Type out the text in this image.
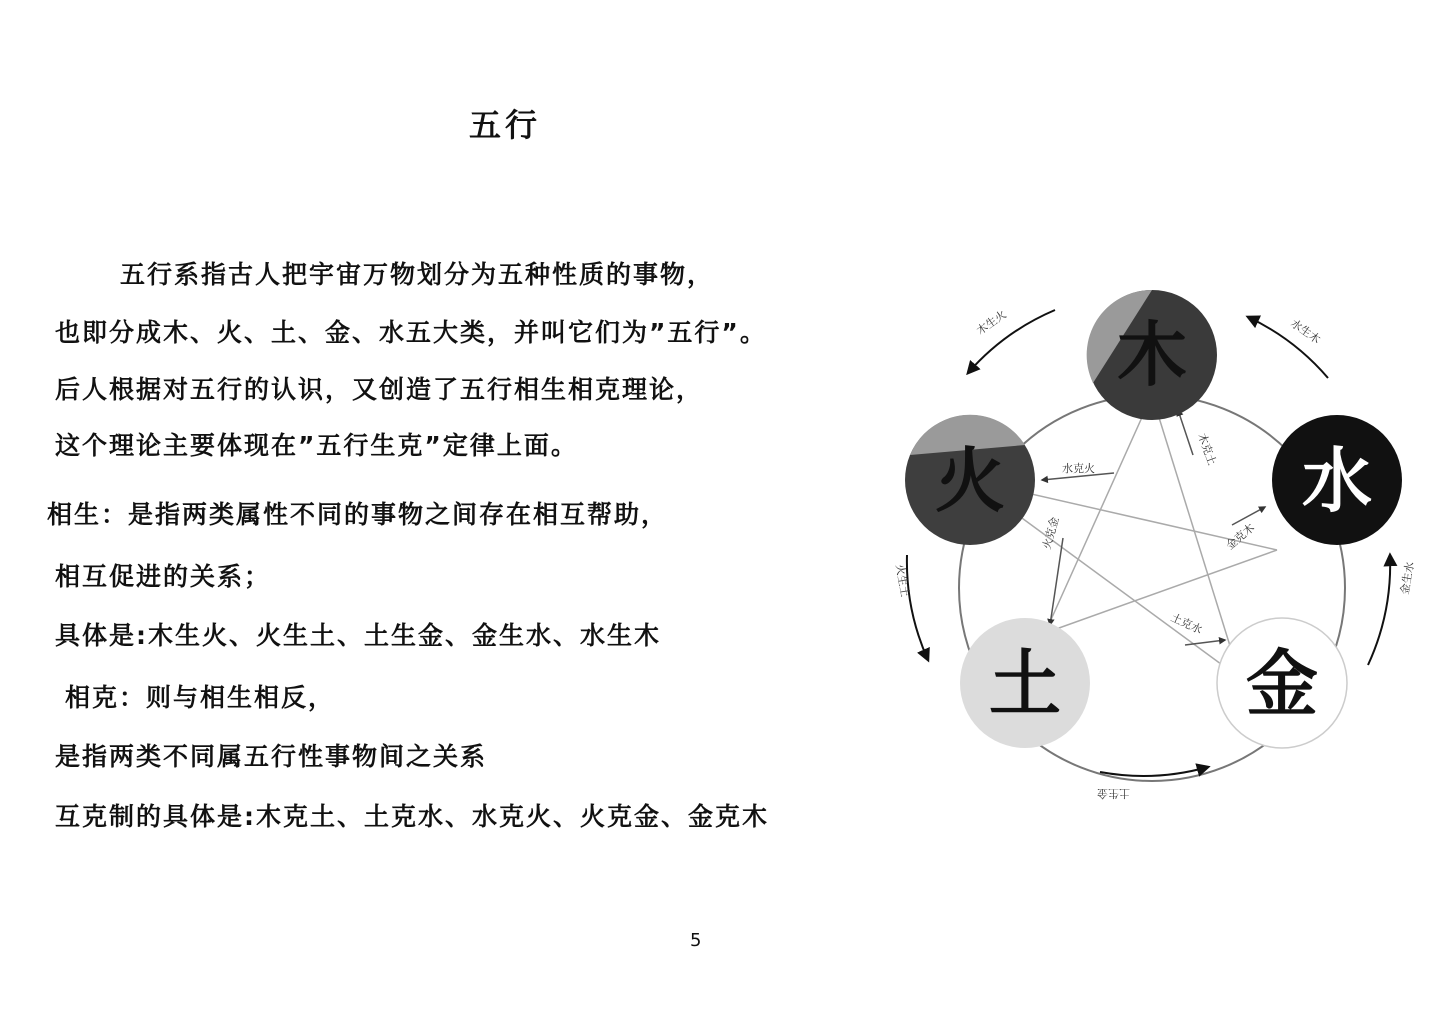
五行
五行系指古人把宇宙万物划分为五种性质的事物，
也即分成木、火、土、金、水五大类，并叫它们为”五行”。
后人根据对五行的认识，又创造了五行相生相克理论，
这个理论主要体现在”五行生克”定律上面。
相生：是指两类属性不同的事物之间存在相互帮助，
相互促进的关系；
具体是:木生火、火生土、土生金、金生水、水生木
相克：则与相生相反，
是指两类不同属五行性事物间之关系
互克制的具体是:木克土、土克水、水克火、火克金、金克木
木生火	水生木
火生土	金生水
土生金
水克火
火克金
土克水
金克木
木克土
木
火	水
土	金
5
